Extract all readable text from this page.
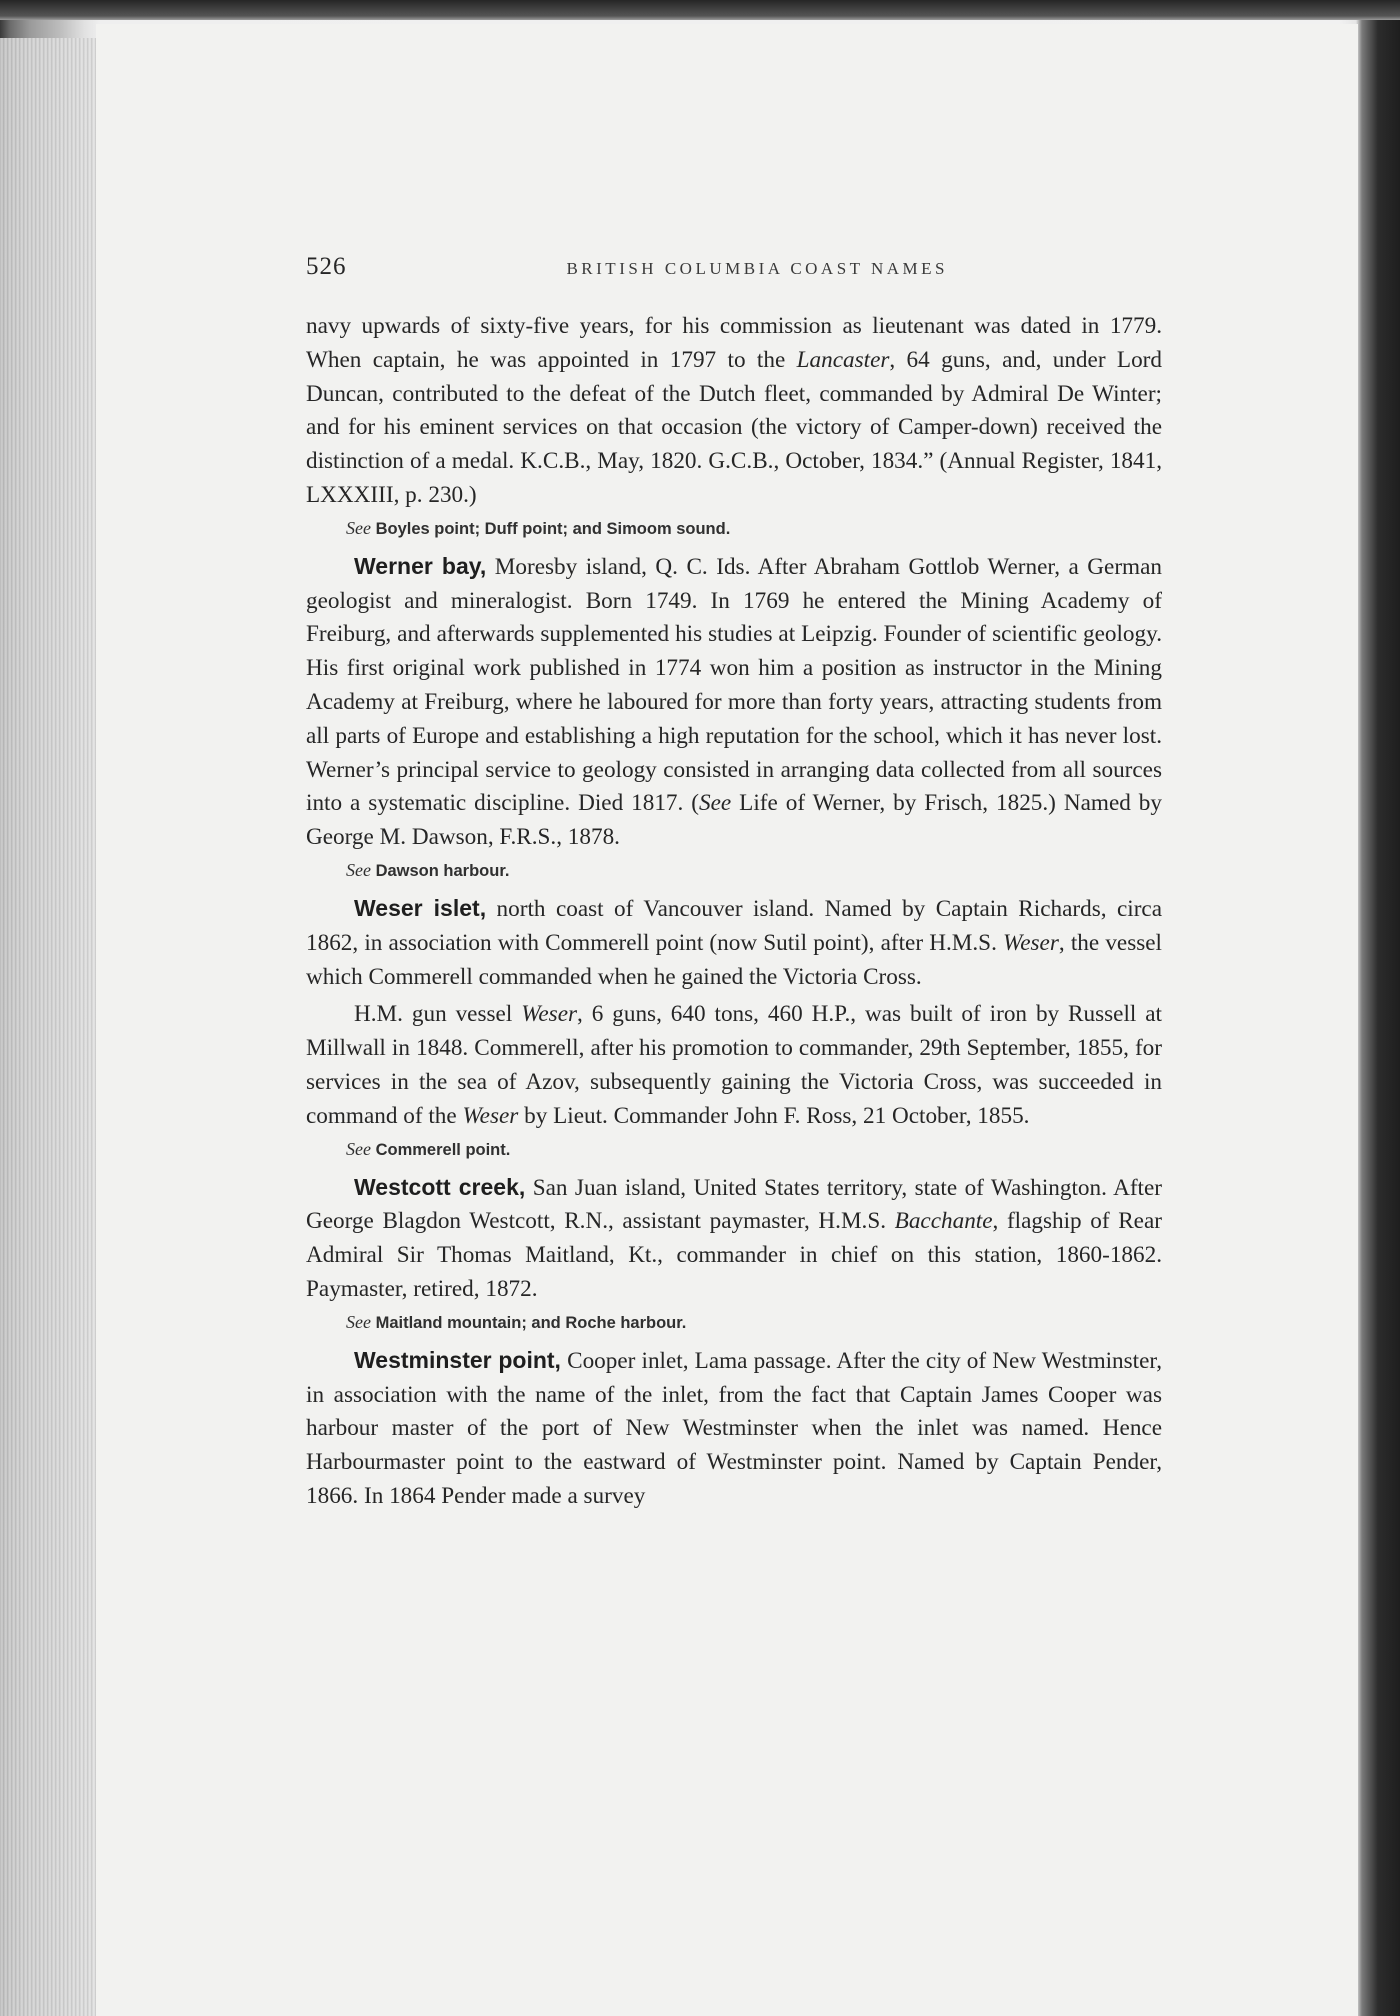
526	BRITISH COLUMBIA COAST NAMES

navy upwards of sixty-five years, for his commission as lieutenant was dated in 1779. When captain, he was appointed in 1797 to the Lancaster, 64 guns, and, under Lord Duncan, contributed to the defeat of the Dutch fleet, commanded by Admiral De Winter; and for his eminent services on that occasion (the victory of Camper-down) received the distinction of a medal. K.C.B., May, 1820. G.C.B., October, 1834.” (Annual Register, 1841, LXXXIII, p. 230.)

See Boyles point; Duff point; and Simoom sound.

Werner bay, Moresby island, Q. C. Ids. After Abraham Gottlob Werner, a German geologist and mineralogist. Born 1749. In 1769 he entered the Mining Academy of Freiburg, and afterwards supplemented his studies at Leipzig. Founder of scientific geology. His first original work published in 1774 won him a position as instructor in the Mining Academy at Freiburg, where he laboured for more than forty years, attracting students from all parts of Europe and establishing a high reputation for the school, which it has never lost. Werner’s principal service to geology consisted in arranging data collected from all sources into a systematic discipline. Died 1817. (See Life of Werner, by Frisch, 1825.) Named by George M. Dawson, F.R.S., 1878.

See Dawson harbour.

Weser islet, north coast of Vancouver island. Named by Captain Richards, circa 1862, in association with Commerell point (now Sutil point), after H.M.S. Weser, the vessel which Commerell commanded when he gained the Victoria Cross.

H.M. gun vessel Weser, 6 guns, 640 tons, 460 H.P., was built of iron by Russell at Millwall in 1848. Commerell, after his promotion to commander, 29th September, 1855, for services in the sea of Azov, subsequently gaining the Victoria Cross, was succeeded in command of the Weser by Lieut. Commander John F. Ross, 21 October, 1855.

See Commerell point.

Westcott creek, San Juan island, United States territory, state of Washington. After George Blagdon Westcott, R.N., assistant paymaster, H.M.S. Bacchante, flagship of Rear Admiral Sir Thomas Maitland, Kt., commander in chief on this station, 1860-1862. Paymaster, retired, 1872.

See Maitland mountain; and Roche harbour.

Westminster point, Cooper inlet, Lama passage. After the city of New Westminster, in association with the name of the inlet, from the fact that Captain James Cooper was harbour master of the port of New Westminster when the inlet was named. Hence Harbourmaster point to the eastward of Westminster point. Named by Captain Pender, 1866. In 1864 Pender made a survey
